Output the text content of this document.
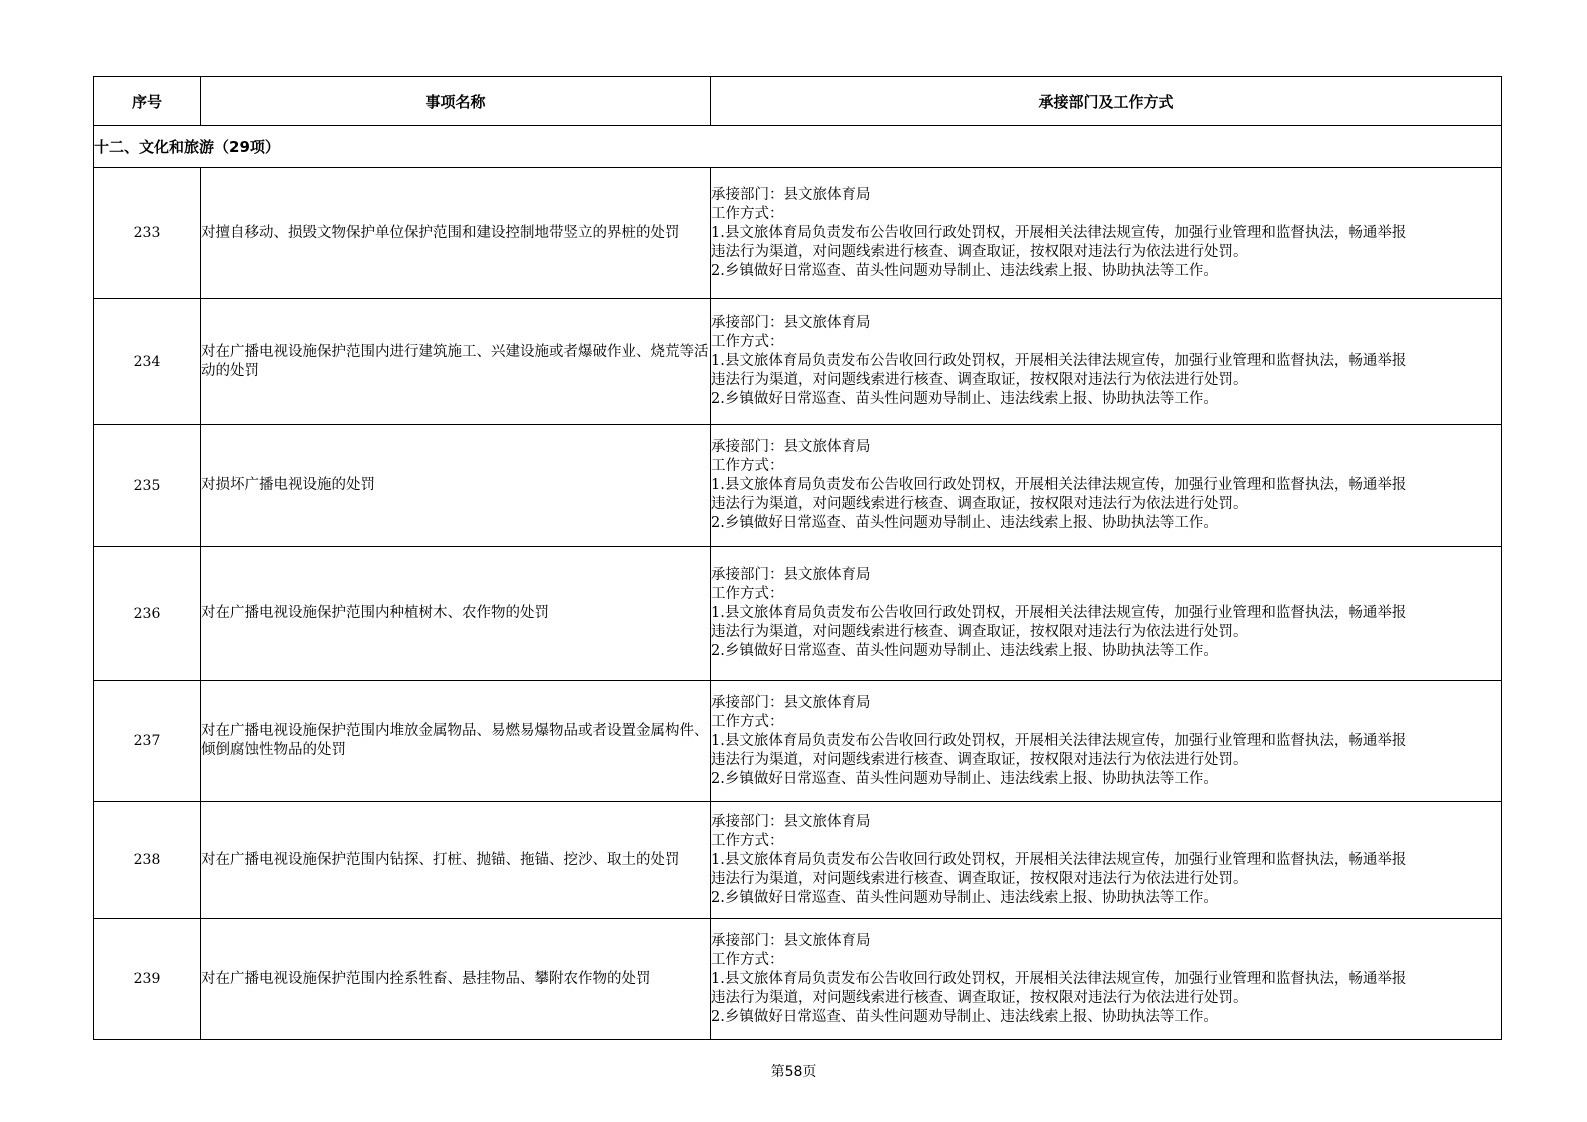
序号	事项名称	承接部门及工作方式
十二、文化和旅游（29项）		
233	对擅自移动、损毁文物保护单位保护范围和建设控制地带竖立的界桩的处罚	承接部门：县文旅体育局
工作方式：
1.县文旅体育局负责发布公告收回行政处罚权，开展相关法律法规宣传，加强行业管理和监督执法，畅通举报
违法行为渠道，对问题线索进行核查、调查取证，按权限对违法行为依法进行处罚。
2.乡镇做好日常巡查、苗头性问题劝导制止、违法线索上报、协助执法等工作。

234	对在广播电视设施保护范围内进行建筑施工、兴建设施或者爆破作业、烧荒等活动的处罚	承接部门：县文旅体育局
工作方式：
1.县文旅体育局负责发布公告收回行政处罚权，开展相关法律法规宣传，加强行业管理和监督执法，畅通举报
违法行为渠道，对问题线索进行核查、调查取证，按权限对违法行为依法进行处罚。
2.乡镇做好日常巡查、苗头性问题劝导制止、违法线索上报、协助执法等工作。

235	对损坏广播电视设施的处罚	承接部门：县文旅体育局
工作方式：
1.县文旅体育局负责发布公告收回行政处罚权，开展相关法律法规宣传，加强行业管理和监督执法，畅通举报
违法行为渠道，对问题线索进行核查、调查取证，按权限对违法行为依法进行处罚。
2.乡镇做好日常巡查、苗头性问题劝导制止、违法线索上报、协助执法等工作。

236	对在广播电视设施保护范围内种植树木、农作物的处罚	承接部门：县文旅体育局
工作方式：
1.县文旅体育局负责发布公告收回行政处罚权，开展相关法律法规宣传，加强行业管理和监督执法，畅通举报
违法行为渠道，对问题线索进行核查、调查取证，按权限对违法行为依法进行处罚。
2.乡镇做好日常巡查、苗头性问题劝导制止、违法线索上报、协助执法等工作。

237	对在广播电视设施保护范围内堆放金属物品、易燃易爆物品或者设置金属构件、倾倒腐蚀性物品的处罚	承接部门：县文旅体育局
工作方式：
1.县文旅体育局负责发布公告收回行政处罚权，开展相关法律法规宣传，加强行业管理和监督执法，畅通举报
违法行为渠道，对问题线索进行核查、调查取证，按权限对违法行为依法进行处罚。
2.乡镇做好日常巡查、苗头性问题劝导制止、违法线索上报、协助执法等工作。

238	对在广播电视设施保护范围内钻探、打桩、抛锚、拖锚、挖沙、取土的处罚	承接部门：县文旅体育局
工作方式：
1.县文旅体育局负责发布公告收回行政处罚权，开展相关法律法规宣传，加强行业管理和监督执法，畅通举报
违法行为渠道，对问题线索进行核查、调查取证，按权限对违法行为依法进行处罚。
2.乡镇做好日常巡查、苗头性问题劝导制止、违法线索上报、协助执法等工作。

239	对在广播电视设施保护范围内拴系牲畜、悬挂物品、攀附农作物的处罚	承接部门：县文旅体育局
工作方式：
1.县文旅体育局负责发布公告收回行政处罚权，开展相关法律法规宣传，加强行业管理和监督执法，畅通举报
违法行为渠道，对问题线索进行核查、调查取证，按权限对违法行为依法进行处罚。
2.乡镇做好日常巡查、苗头性问题劝导制止、违法线索上报、协助执法等工作。
第58页
